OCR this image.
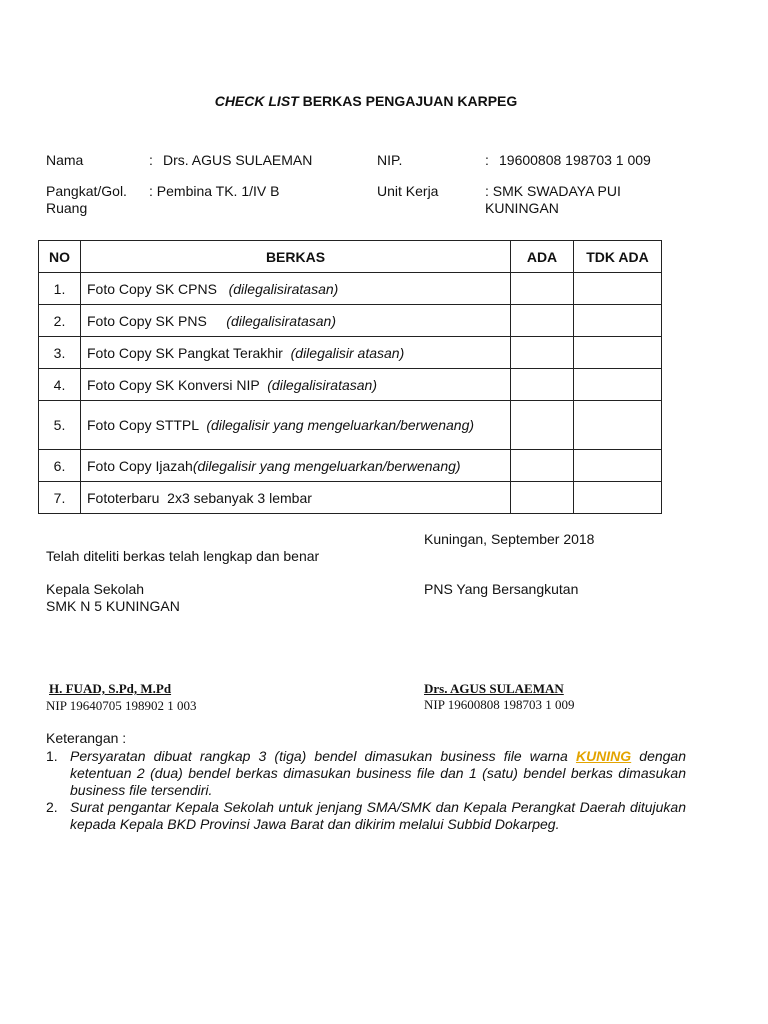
CHECK LIST BERKAS PENGAJUAN KARPEG
Nama	: Drs. AGUS SULAEMAN	NIP.	: 19600808 198703 1 009
Pangkat/Gol.
Ruang
: Pembina TK. 1/IV B	Unit Kerja	: SMK SWADAYA PUI
KUNINGAN
NO	BERKAS	ADA	TDK ADA
1.	Foto Copy SK CPNS   (dilegalisiratasan)		
2.	Foto Copy SK PNS     (dilegalisiratasan)		
3.	Foto Copy SK Pangkat Terakhir  (dilegalisir atasan)		
4.	Foto Copy SK Konversi NIP  (dilegalisiratasan)		
5.	Foto Copy STTPL  (dilegalisir yang mengeluarkan/berwenang)		
6.	Foto Copy Ijazah(dilegalisir yang mengeluarkan/berwenang)		
7.	Fototerbaru  2x3 sebanyak 3 lembar		
Kuningan, September 2018
Telah diteliti berkas telah lengkap dan benar
Kepala Sekolah
SMK N 5 KUNINGAN
PNS Yang Bersangkutan
H. FUAD, S.Pd, M.Pd
NIP 19640705 198902 1 003
Drs. AGUS SULAEMAN
NIP 19600808 198703 1 009
Keterangan :

1. Persyaratan dibuat rangkap 3 (tiga) bendel dimasukan business file warna KUNING dengan ketentuan 2 (dua) bendel berkas dimasukan business file dan 1 (satu) bendel berkas dimasukan business file tersendiri.

2. Surat pengantar Kepala Sekolah untuk jenjang SMA/SMK dan Kepala Perangkat Daerah ditujukan kepada Kepala BKD Provinsi Jawa Barat dan dikirim melalui Subbid Dokarpeg.
